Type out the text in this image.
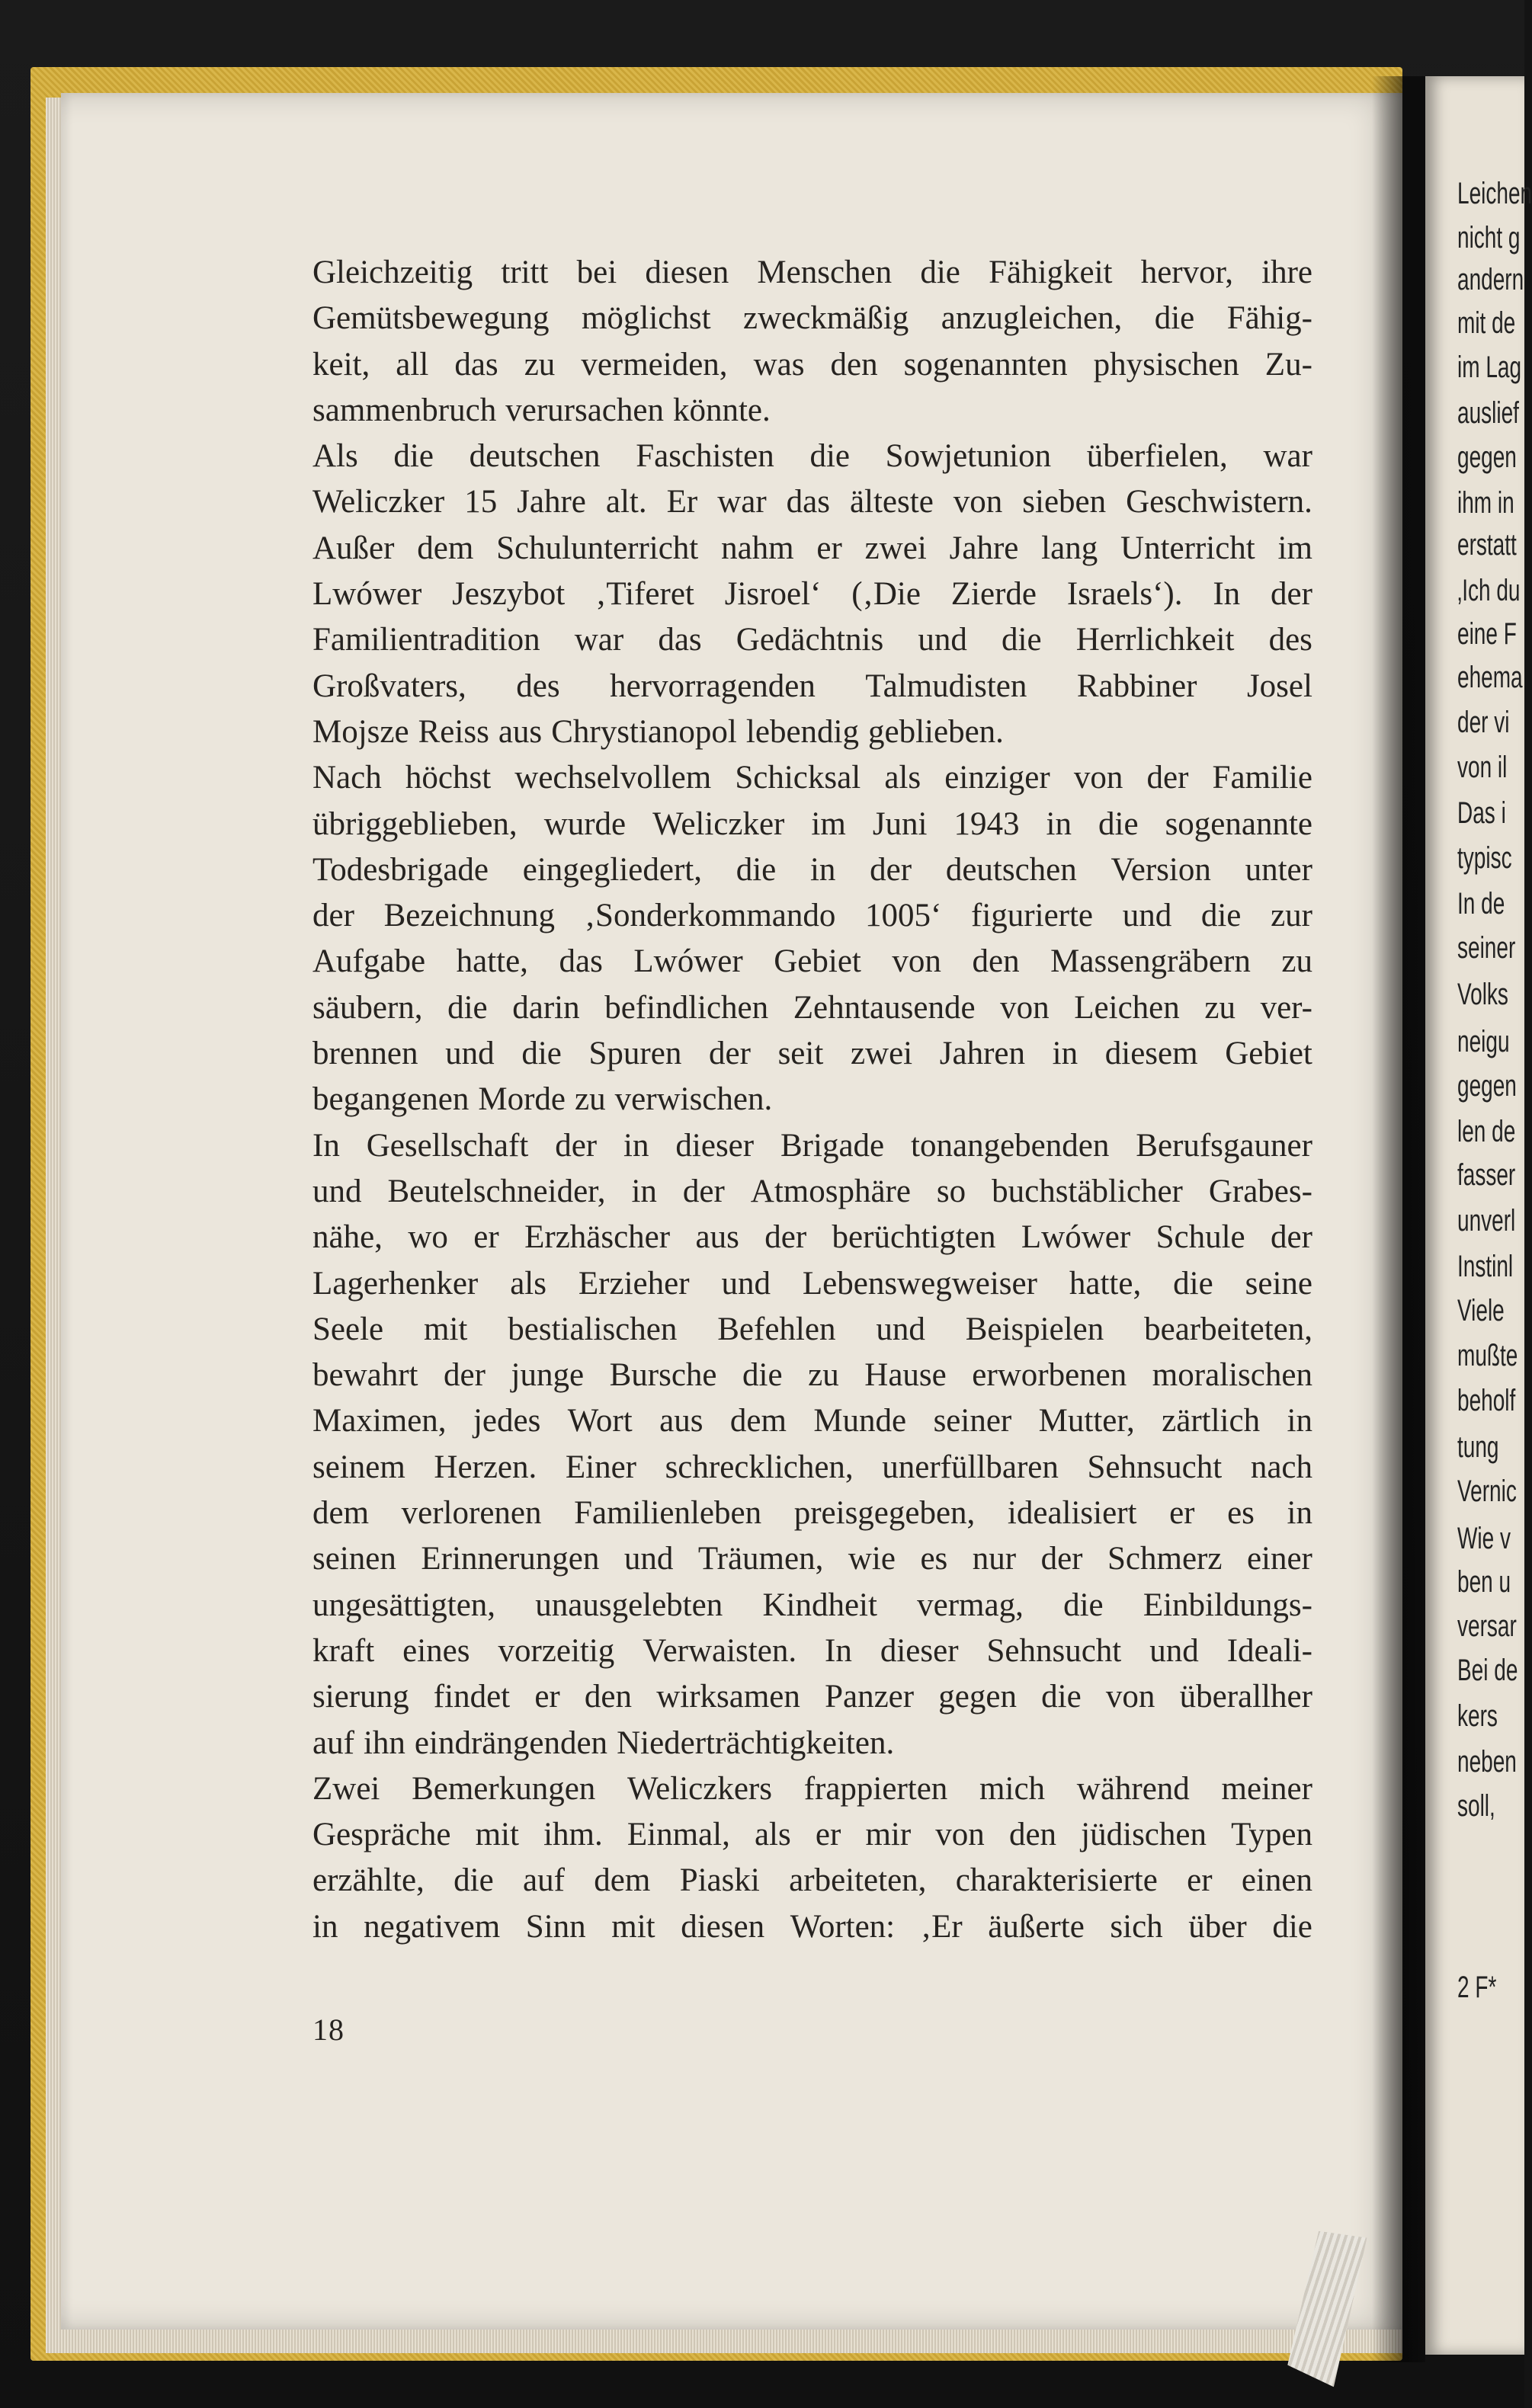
Gleichzeitig tritt bei diesen Menschen die Fähigkeit hervor, ihre
Gemütsbewegung möglichst zweckmäßig anzugleichen, die Fähig-
keit, all das zu vermeiden, was den sogenannten physischen Zu-
sammenbruch verursachen könnte.
Als die deutschen Faschisten die Sowjetunion überfielen, war
Weliczker 15 Jahre alt. Er war das älteste von sieben Geschwistern.
Außer dem Schulunterricht nahm er zwei Jahre lang Unterricht im
Lwówer Jeszybot ‚Tiferet Jisroel‘ (‚Die Zierde Israels‘). In der
Familientradition war das Gedächtnis und die Herrlichkeit des
Großvaters, des hervorragenden Talmudisten Rabbiner Josel
Mojsze Reiss aus Chrystianopol lebendig geblieben.
Nach höchst wechselvollem Schicksal als einziger von der Familie
übriggeblieben, wurde Weliczker im Juni 1943 in die sogenannte
Todesbrigade eingegliedert, die in der deutschen Version unter
der Bezeichnung ‚Sonderkommando 1005‘ figurierte und die zur
Aufgabe hatte, das Lwówer Gebiet von den Massengräbern zu
säubern, die darin befindlichen Zehntausende von Leichen zu ver-
brennen und die Spuren der seit zwei Jahren in diesem Gebiet
begangenen Morde zu verwischen.
In Gesellschaft der in dieser Brigade tonangebenden Berufsgauner
und Beutelschneider, in der Atmosphäre so buchstäblicher Grabes-
nähe, wo er Erzhäscher aus der berüchtigten Lwówer Schule der
Lagerhenker als Erzieher und Lebenswegweiser hatte, die seine
Seele mit bestialischen Befehlen und Beispielen bearbeiteten,
bewahrt der junge Bursche die zu Hause erworbenen moralischen
Maximen, jedes Wort aus dem Munde seiner Mutter, zärtlich in
seinem Herzen. Einer schrecklichen, unerfüllbaren Sehnsucht nach
dem verlorenen Familienleben preisgegeben, idealisiert er es in
seinen Erinnerungen und Träumen, wie es nur der Schmerz einer
ungesättigten, unausgelebten Kindheit vermag, die Einbildungs-
kraft eines vorzeitig Verwaisten. In dieser Sehnsucht und Ideali-
sierung findet er den wirksamen Panzer gegen die von überallher
auf ihn eindrängenden Niederträchtigkeiten.
Zwei Bemerkungen Weliczkers frappierten mich während meiner
Gespräche mit ihm. Einmal, als er mir von den jüdischen Typen
erzählte, die auf dem Piaski arbeiteten, charakterisierte er einen
in negativem Sinn mit diesen Worten: ‚Er äußerte sich über die
18
Leichen
nicht g
andern
mit de
im Lag
auslief
gegen
ihm in
erstatt
‚Ich du
eine F
ehema
der vi
von il
Das i
typisc
In de
seiner
Volks
neigu
gegen
len de
fasser
unverl
Instinl
Viele
mußte
beholf
tung
Vernic
Wie v
ben u
versar
Bei de
kers
neben
soll,
2 F*
